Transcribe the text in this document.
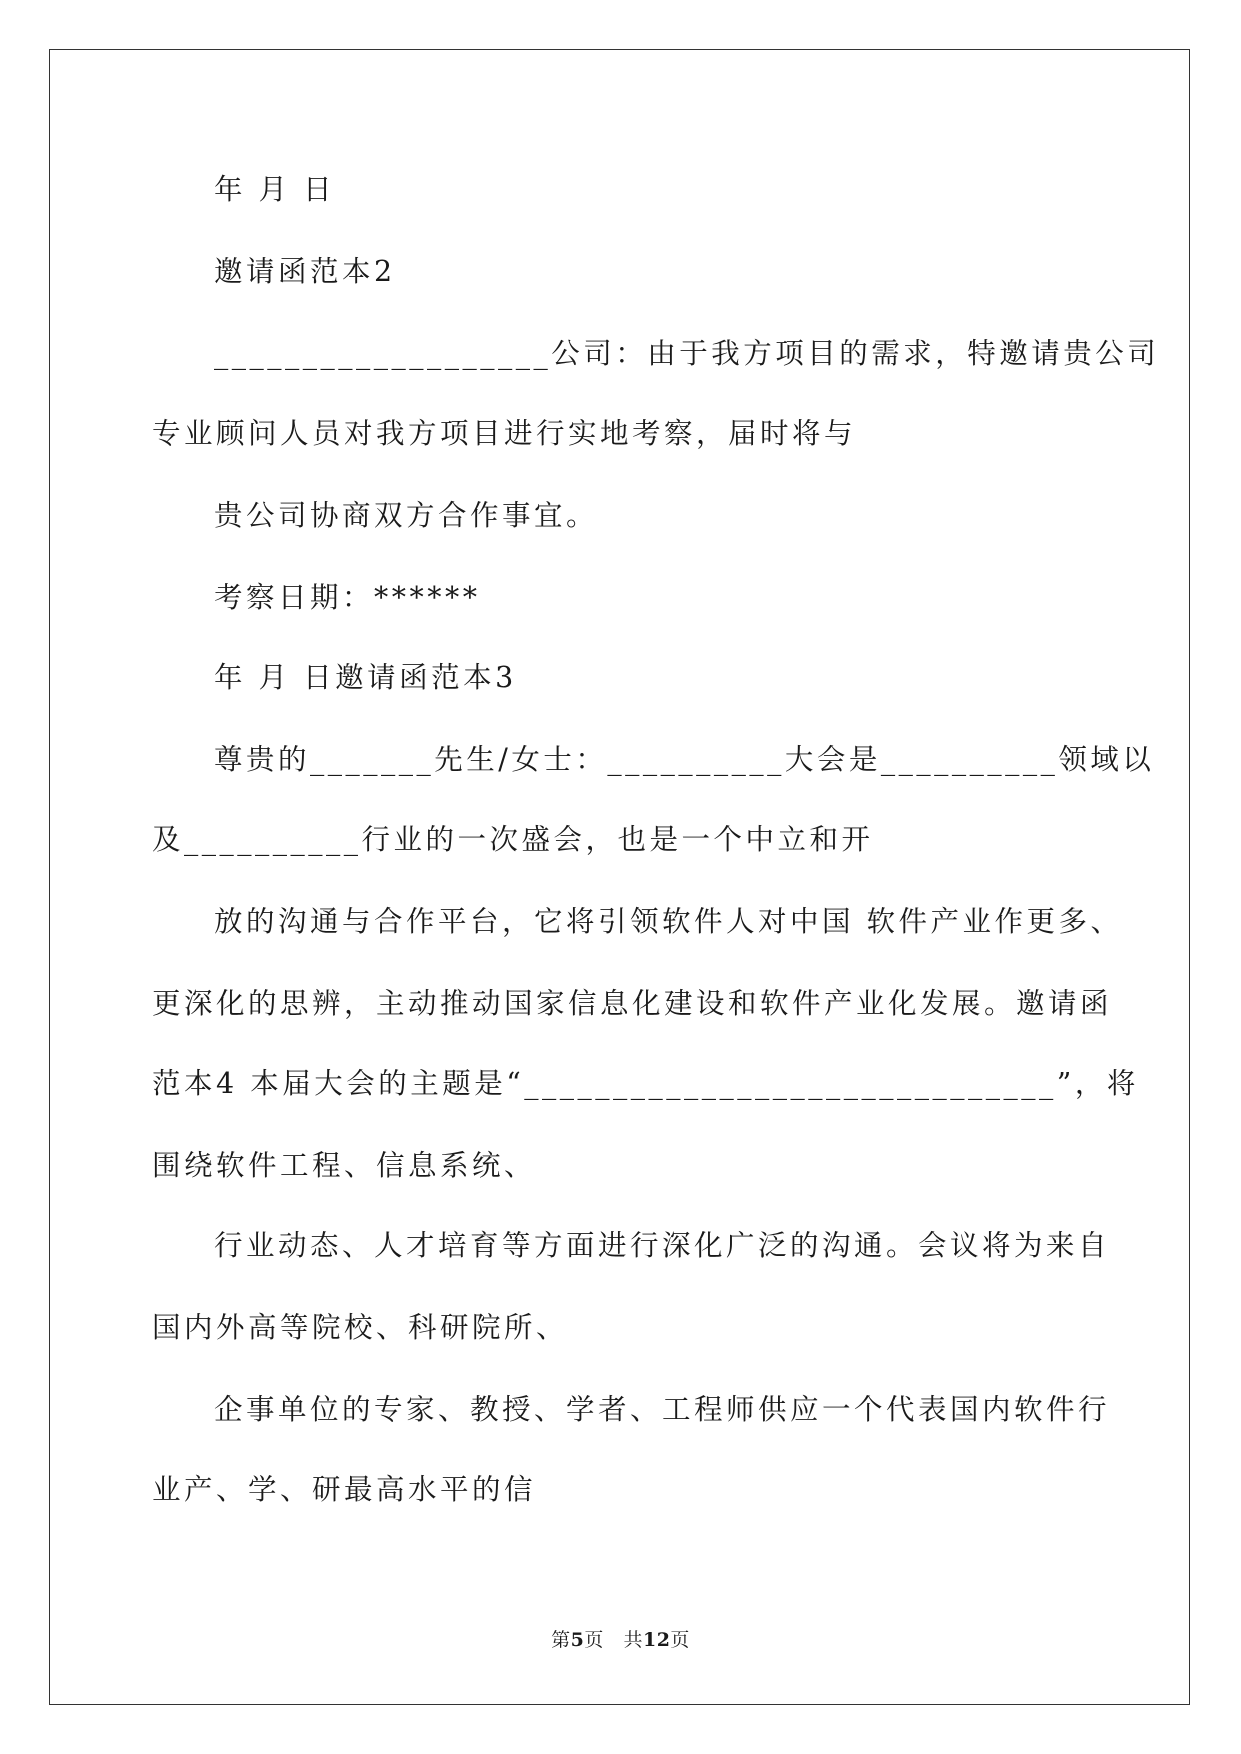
年 月 日
邀请函范本2
___________________公司：由于我方项目的需求，特邀请贵公司
专业顾问人员对我方项目进行实地考察，届时将与
贵公司协商双方合作事宜。
考察日期：******
年 月 日邀请函范本3
尊贵的_______先生/女士：__________大会是__________领域以
及__________行业的一次盛会，也是一个中立和开
放的沟通与合作平台，它将引领软件人对中国 软件产业作更多、
更深化的思辨，主动推动国家信息化建设和软件产业化发展。邀请函
范本4 本届大会的主题是“______________________________”，将
围绕软件工程、信息系统、
行业动态、人才培育等方面进行深化广泛的沟通。会议将为来自
国内外高等院校、科研院所、
企事单位的专家、教授、学者、工程师供应一个代表国内软件行
业产、学、研最高水平的信
第5页 共12页
